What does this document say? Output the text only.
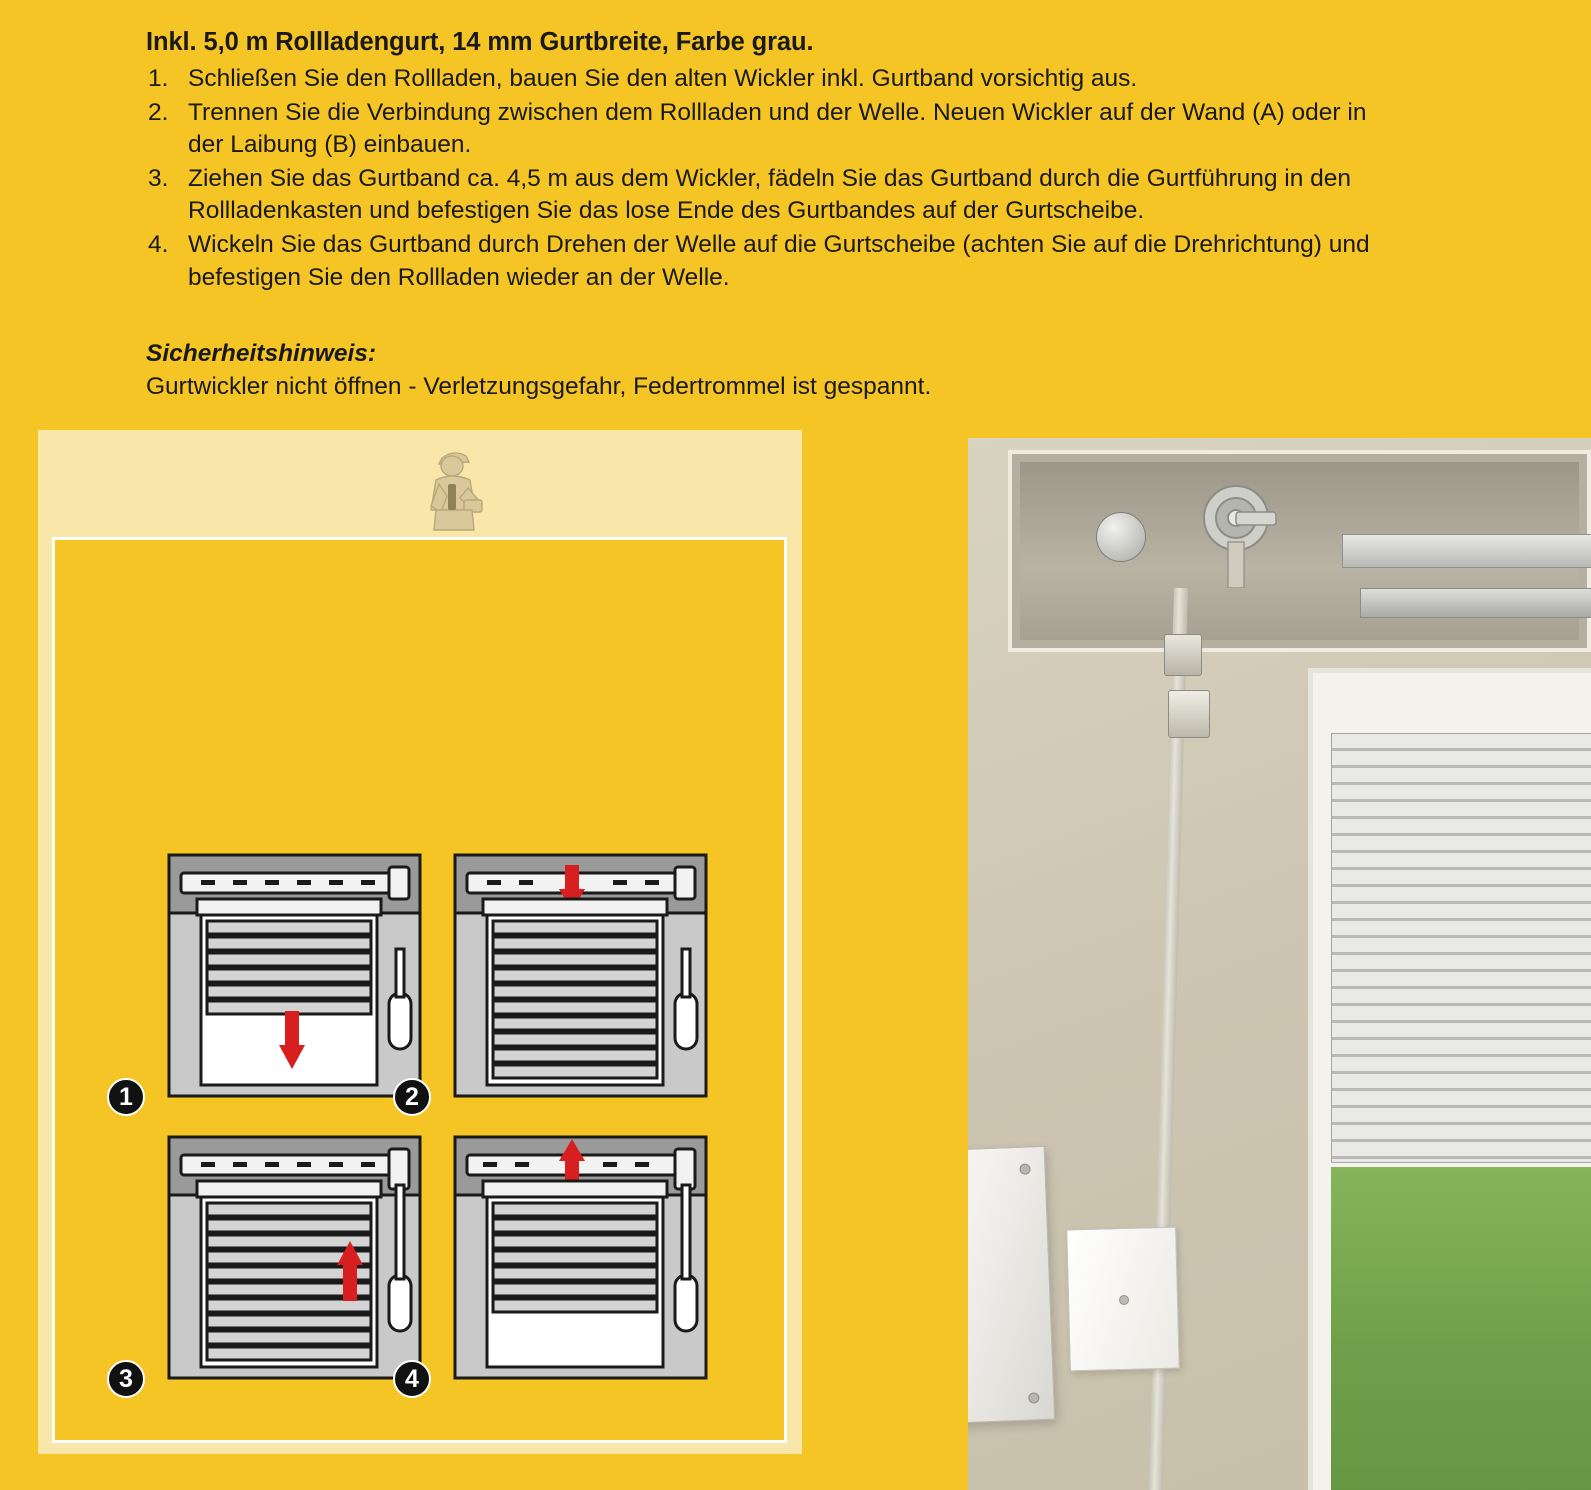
Inkl. 5,0 m Rollladengurt, 14 mm Gurtbreite, Farbe grau.

1. Schließen Sie den Rollladen, bauen Sie den alten Wickler inkl. Gurtband vorsichtig aus.
2. Trennen Sie die Verbindung zwischen dem Rollladen und der Welle. Neuen Wickler auf der Wand (A) oder in der Laibung (B) einbauen.
3. Ziehen Sie das Gurtband ca. 4,5 m aus dem Wickler, fädeln Sie das Gurtband durch die Gurtführung in den Rollladenkasten und befestigen Sie das lose Ende des Gurtbandes auf der Gurtscheibe.
4. Wickeln Sie das Gurtband durch Drehen der Welle auf die Gurtscheibe (achten Sie auf die Drehrichtung) und befestigen Sie den Rollladen wieder an der Welle.

Sicherheitshinweis:

Gurtwickler nicht öffnen - Verletzungsgefahr, Federtrommel ist gespannt.

1	2
3	4
